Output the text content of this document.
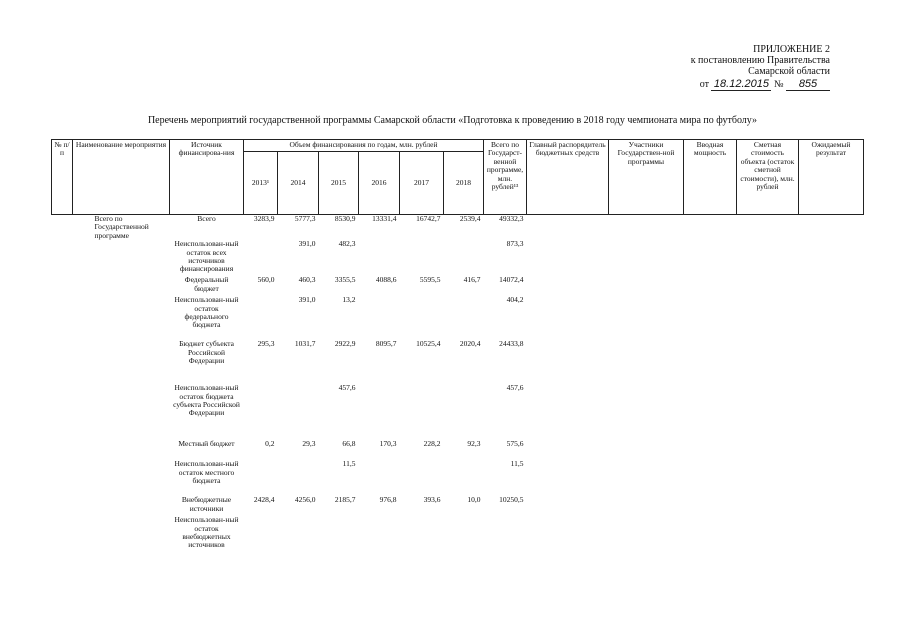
ПРИЛОЖЕНИЕ 2
к постановлению Правительства
Самарской области
от 18.12.2015 № 855
Перечень мероприятий государственной программы Самарской области «Подготовка к проведению в 2018 году чемпионата мира по футболу»
№ п/п	Наименование мероприятия	Источник финансирова-ния	Объем финансирования по годам, млн. рублей						Всего по Государст-венной программе, млн. рублей¹³	Главный распорядитель бюджетных средств	Участники Государствен-ной программы	Вводная мощность	Сметная стоимость объекта (остаток сметной стоимости), млн. рублей	Ожидаемый результат
			2013¹	2014	2015	2016	2017	2018						
	Всего по Государственной программе	Всего	3283,9	5777,3	8530,9	13331,4	16742,7	2539,4	49332,3					
		Неиспользован-ный остаток всех источников финансирования		391,0	482,3				873,3					
		Федеральный бюджет	560,0	460,3	3355,5	4088,6	5595,5	416,7	14072,4					
		Неиспользован-ный остаток федерального бюджета		391,0	13,2				404,2					
		Бюджет субъекта Российской Федерации	295,3	1031,7	2922,9	8095,7	10525,4	2020,4	24433,8					
		Неиспользован-ный остаток бюджета субъекта Российской Федерации			457,6				457,6					
		Местный бюджет	0,2	29,3	66,8	170,3	228,2	92,3	575,6					
		Неиспользован-ный остаток местного бюджета			11,5				11,5					
		Внебюджетные источники	2428,4	4256,0	2185,7	976,8	393,6	10,0	10250,5					
		Неиспользован-ный остаток внебюджетных источников												
